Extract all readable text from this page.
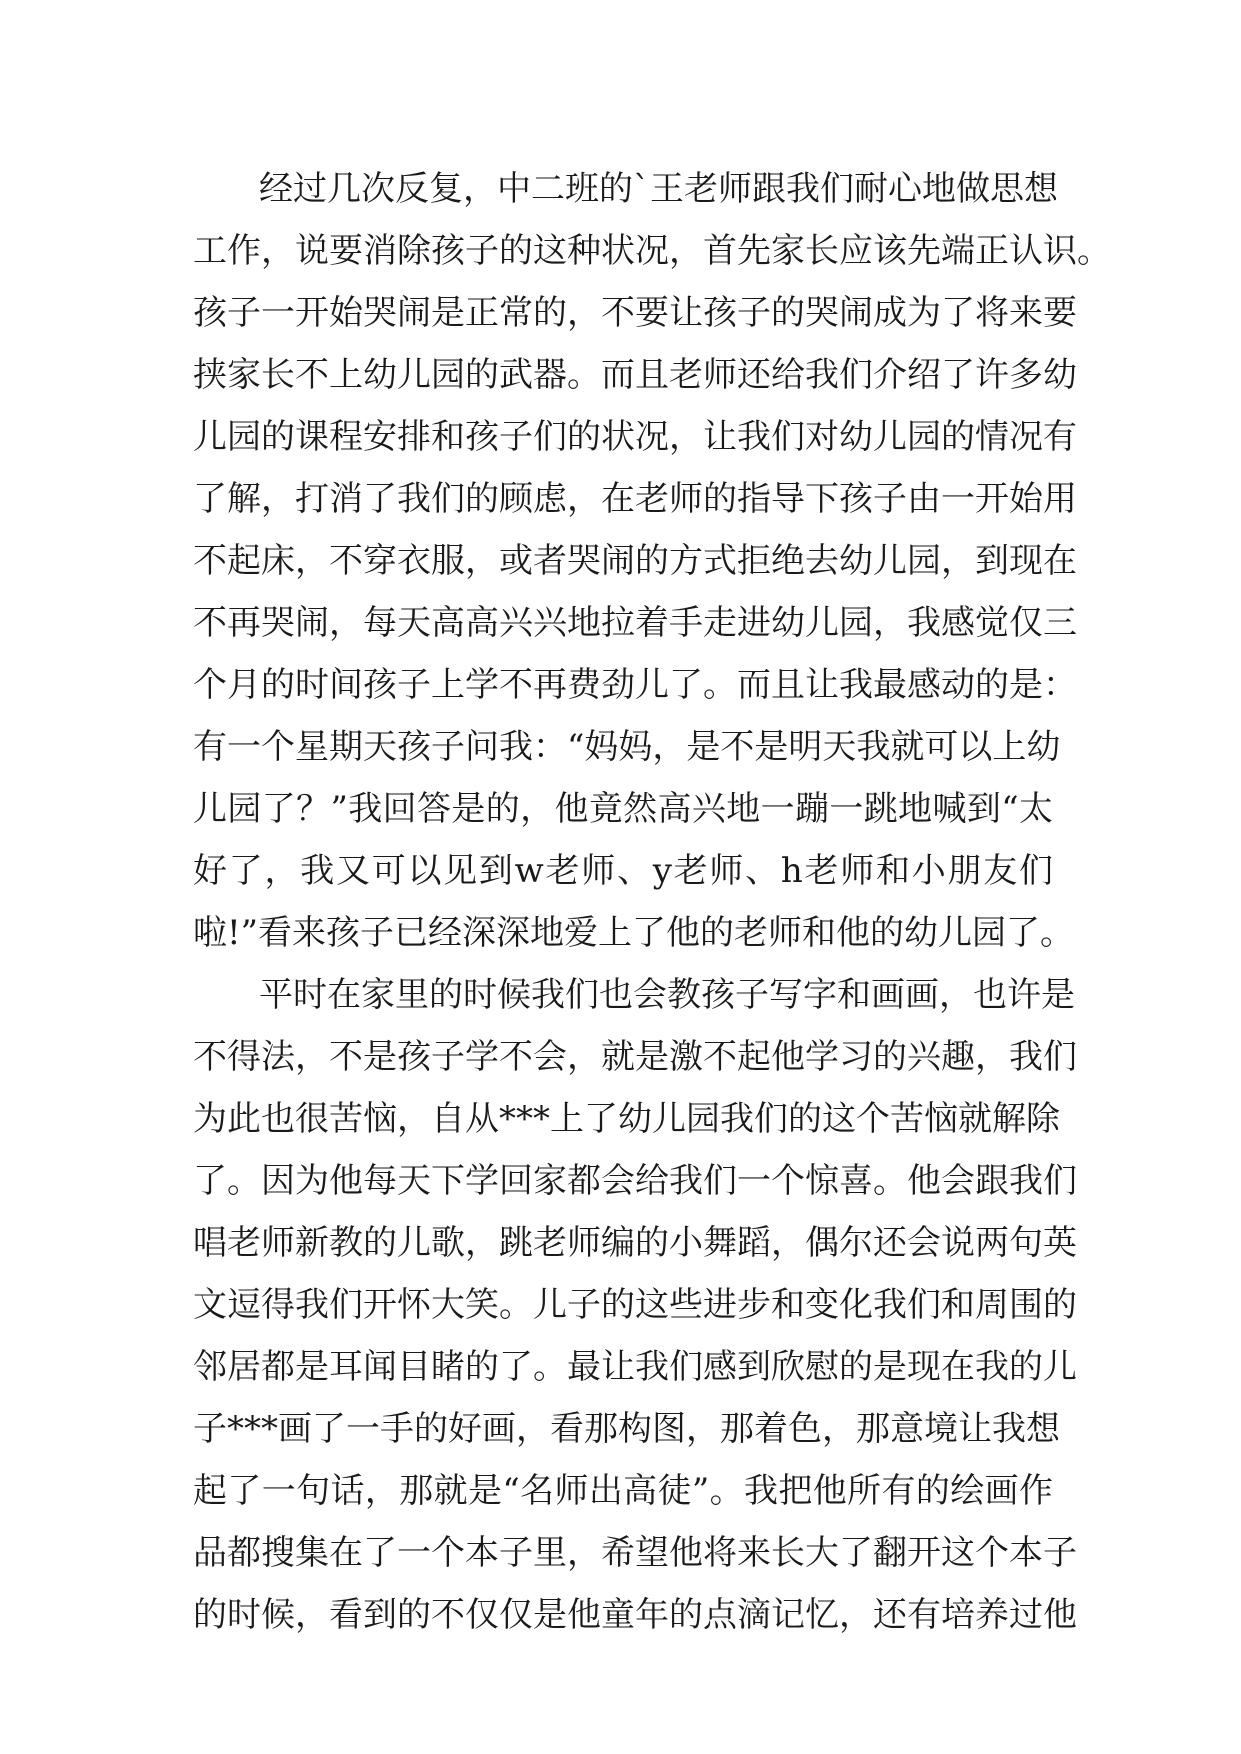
经过几次反复，中二班的`王老师跟我们耐心地做思想
工作，说要消除孩子的这种状况，首先家长应该先端正认识。
孩子一开始哭闹是正常的，不要让孩子的哭闹成为了将来要
挟家长不上幼儿园的武器。而且老师还给我们介绍了许多幼
儿园的课程安排和孩子们的状况，让我们对幼儿园的情况有
了解，打消了我们的顾虑，在老师的指导下孩子由一开始用
不起床，不穿衣服，或者哭闹的方式拒绝去幼儿园，到现在
不再哭闹，每天高高兴兴地拉着手走进幼儿园，我感觉仅三
个月的时间孩子上学不再费劲儿了。而且让我最感动的是：
有一个星期天孩子问我：“妈妈，是不是明天我就可以上幼
儿园了？”我回答是的，他竟然高兴地一蹦一跳地喊到“太
好了，我又可以见到w老师、y老师、h老师和小朋友们
啦!”看来孩子已经深深地爱上了他的老师和他的幼儿园了。
平时在家里的时候我们也会教孩子写字和画画，也许是
不得法，不是孩子学不会，就是激不起他学习的兴趣，我们
为此也很苦恼，自从***上了幼儿园我们的这个苦恼就解除
了。因为他每天下学回家都会给我们一个惊喜。他会跟我们
唱老师新教的儿歌，跳老师编的小舞蹈，偶尔还会说两句英
文逗得我们开怀大笑。儿子的这些进步和变化我们和周围的
邻居都是耳闻目睹的了。最让我们感到欣慰的是现在我的儿
子***画了一手的好画，看那构图，那着色，那意境让我想
起了一句话，那就是“名师出高徒”。我把他所有的绘画作
品都搜集在了一个本子里，希望他将来长大了翻开这个本子
的时候，看到的不仅仅是他童年的点滴记忆，还有培养过他
